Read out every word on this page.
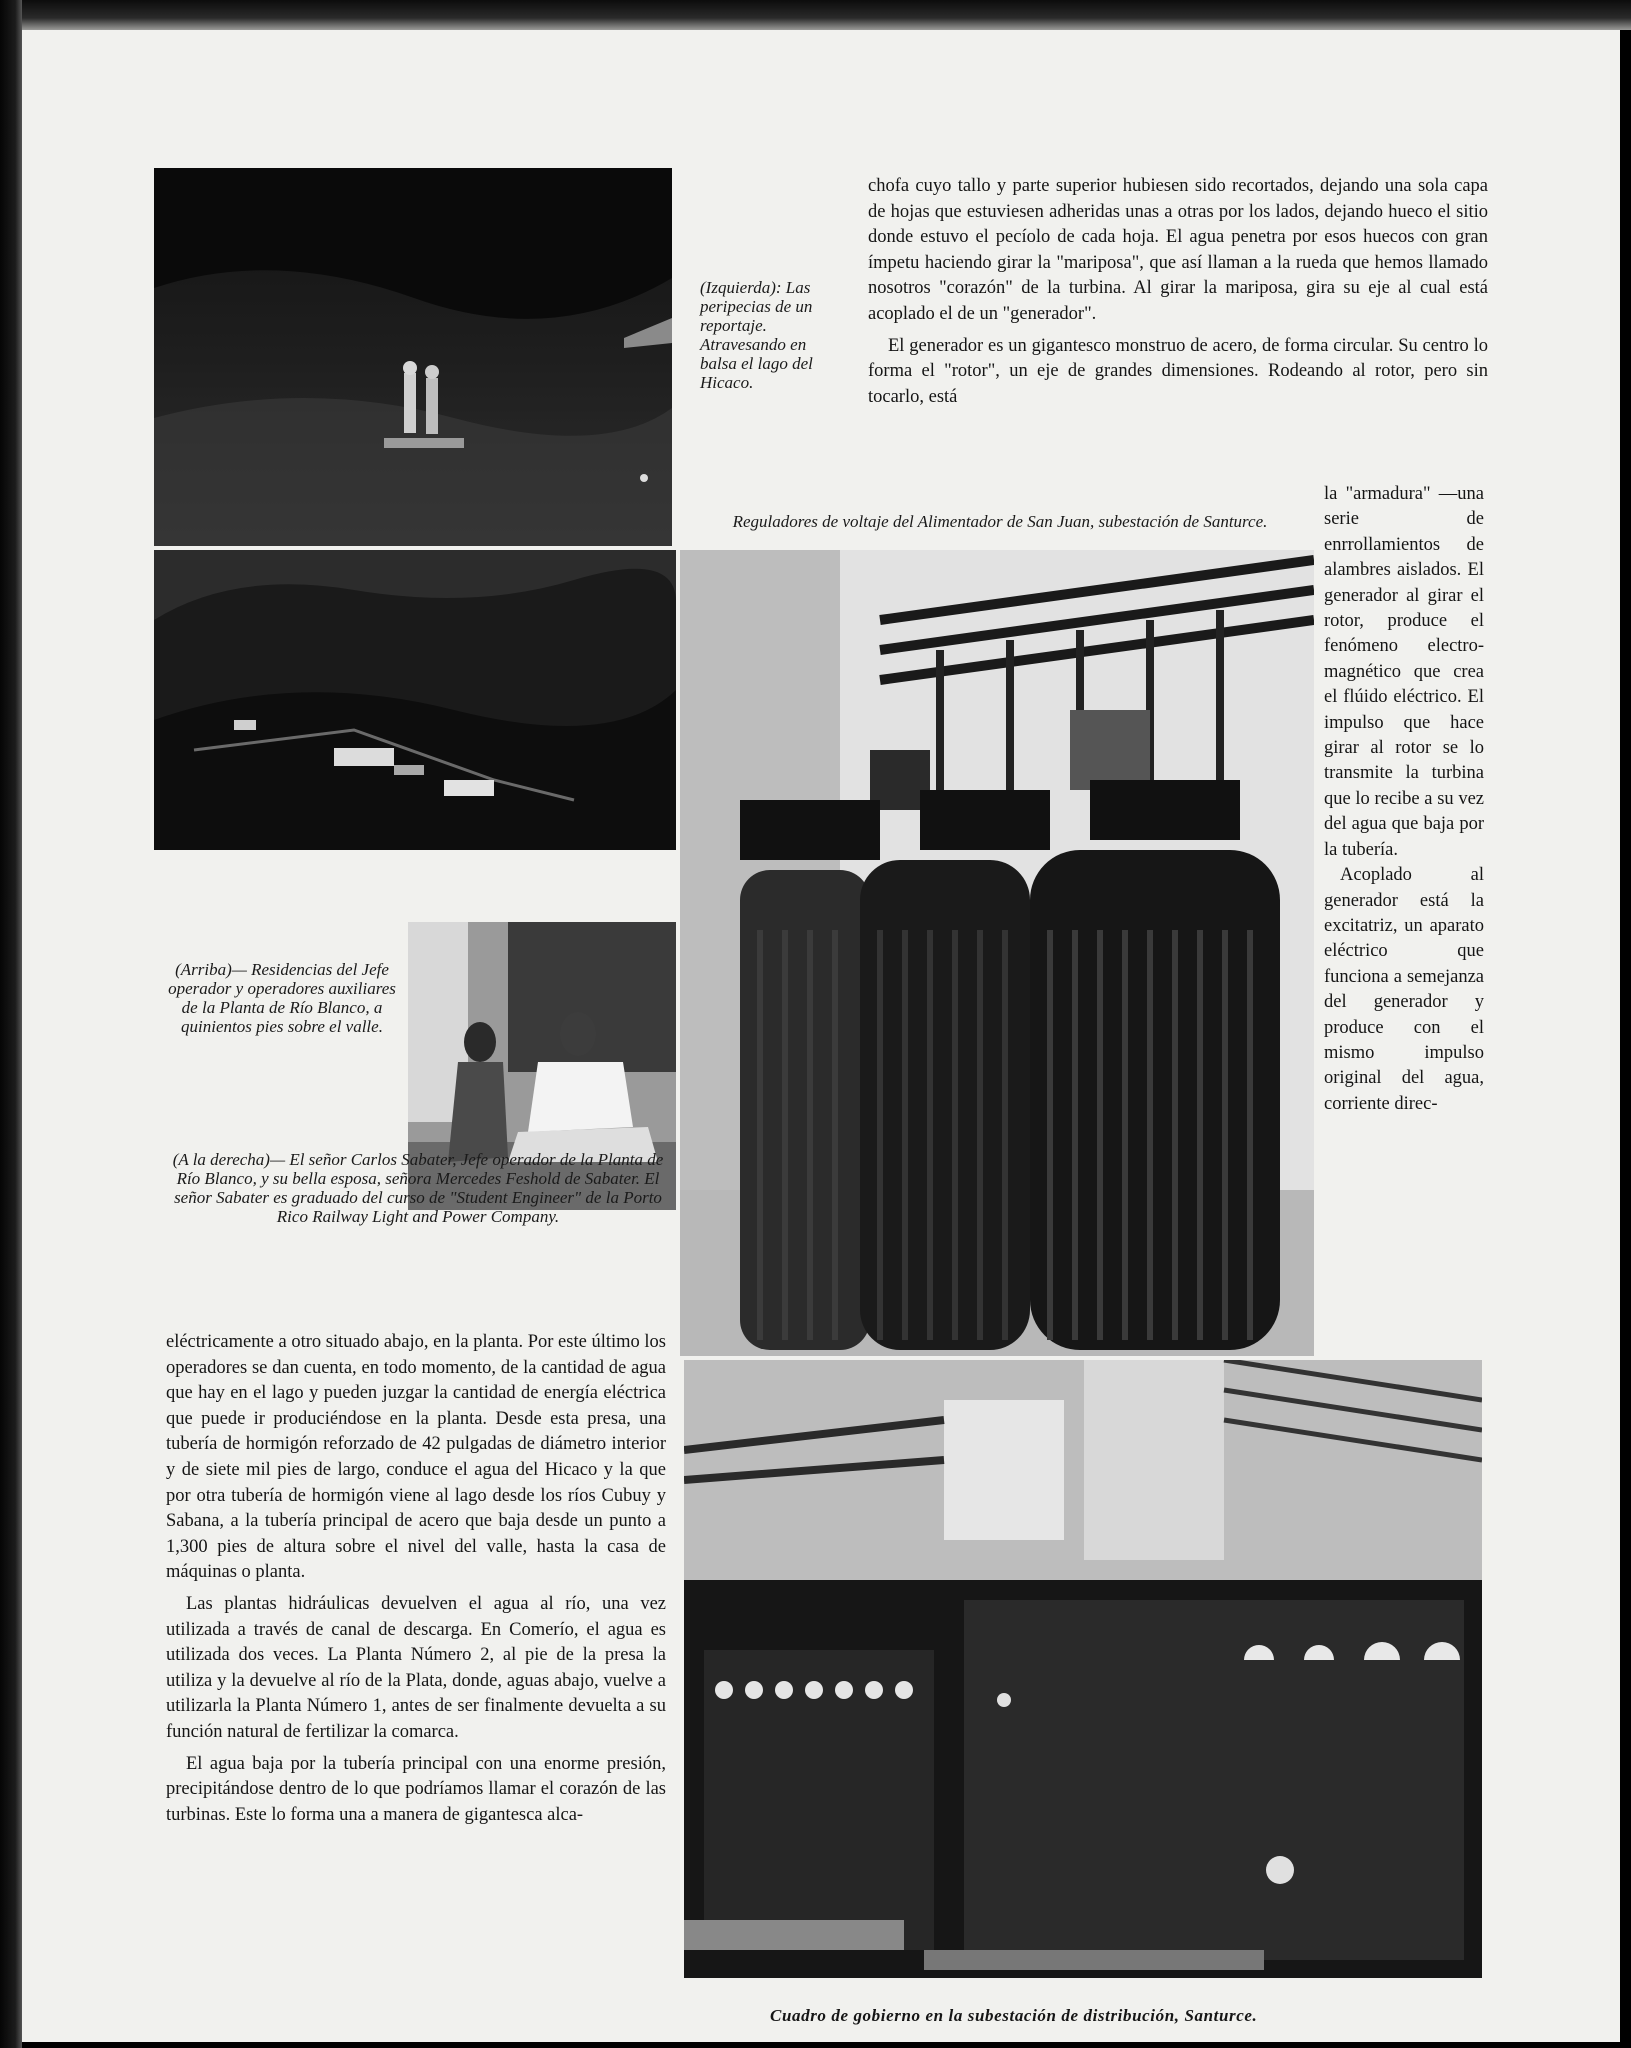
(Izquierda): Las peripecias de un reportaje. Atravesando en balsa el lago del Hicaco.
(Arriba)— Residencias del Jefe operador y operadores auxiliares de la Planta de Río Blanco, a quinientos pies sobre el valle.
(A la derecha)— El señor Carlos Sabater, Jefe operador de la Planta de Río Blanco, y su bella esposa, señora Mercedes Feshold de Sabater. El señor Sabater es graduado del curso de "Student Engineer" de la Porto Rico Railway Light and Power Company.
Reguladores de voltaje del Alimentador de San Juan, subestación de Santurce.
Cuadro de gobierno en la subestación de distribución, Santurce.

chofa cuyo tallo y parte superior hubiesen sido recortados, dejando una sola capa de hojas que estuviesen adheridas unas a otras por los lados, dejando hueco el sitio donde estuvo el pecíolo de cada hoja. El agua penetra por esos huecos con gran ímpetu haciendo girar la "mariposa", que así llaman a la rueda que hemos llamado nosotros "corazón" de la turbina. Al girar la mariposa, gira su eje al cual está acoplado el de un "generador".

El generador es un gigantesco monstruo de acero, de forma circular. Su centro lo forma el "rotor", un eje de grandes dimensiones. Rodeando al rotor, pero sin tocarlo, está

la "armadura" —una serie de enrrollamientos de alambres aislados. El generador al girar el rotor, produce el fenómeno electro-magnético que crea el flúido eléctrico. El impulso que hace girar al rotor se lo transmite la turbina que lo recibe a su vez del agua que baja por la tubería.

Acoplado al generador está la excitatriz, un aparato eléctrico que funciona a semejanza del generador y produce con el mismo impulso original del agua, corriente direc-

eléctricamente a otro situado abajo, en la planta. Por este último los operadores se dan cuenta, en todo momento, de la cantidad de agua que hay en el lago y pueden juzgar la cantidad de energía eléctrica que puede ir produciéndose en la planta. Desde esta presa, una tubería de hormigón reforzado de 42 pulgadas de diámetro interior y de siete mil pies de largo, conduce el agua del Hicaco y la que por otra tubería de hormigón viene al lago desde los ríos Cubuy y Sabana, a la tubería principal de acero que baja desde un punto a 1,300 pies de altura sobre el nivel del valle, hasta la casa de máquinas o planta.

Las plantas hidráulicas devuelven el agua al río, una vez utilizada a través de canal de descarga. En Comerío, el agua es utilizada dos veces. La Planta Número 2, al pie de la presa la utiliza y la devuelve al río de la Plata, donde, aguas abajo, vuelve a utilizarla la Planta Número 1, antes de ser finalmente devuelta a su función natural de fertilizar la comarca.

El agua baja por la tubería principal con una enorme presión, precipitándose dentro de lo que podríamos llamar el corazón de las turbinas. Este lo forma una a manera de gigantesca alca-
